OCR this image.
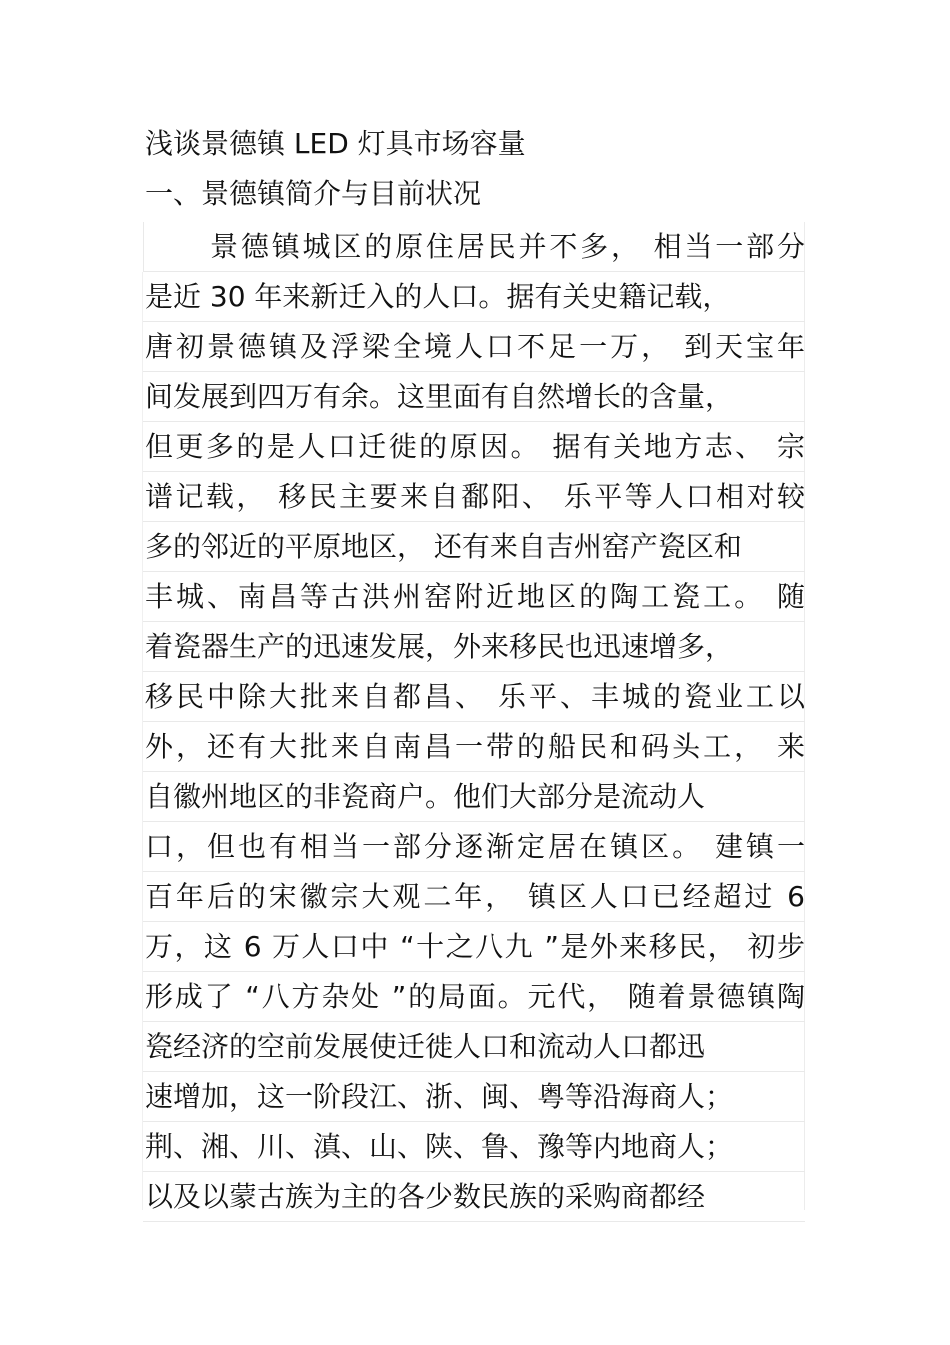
浅谈景德镇 LED 灯具市场容量
一、景德镇简介与目前状况
景德镇城区的原住居民并不多， 相当一部分
是近 30 年来新迁入的人口。据有关史籍记载，
唐初景德镇及浮梁全境人口不足一万， 到天宝年
间发展到四万有余。这里面有自然增长的含量，
但更多的是人口迁徙的原因。 据有关地方志、 宗
谱记载， 移民主要来自鄱阳、 乐平等人口相对较
多的邻近的平原地区， 还有来自吉州窑产瓷区和
丰城、南昌等古洪州窑附近地区的陶工瓷工。 随
着瓷器生产的迅速发展，外来移民也迅速增多，
移民中除大批来自都昌、 乐平、丰城的瓷业工以
外，还有大批来自南昌一带的船民和码头工， 来
自徽州地区的非瓷商户。他们大部分是流动人
口，但也有相当一部分逐渐定居在镇区。 建镇一
百年后的宋徽宗大观二年， 镇区人口已经超过 6
万，这 6 万人口中 “十之八九 ”是外来移民， 初步
形成了 “八方杂处 ”的局面。元代， 随着景德镇陶
瓷经济的空前发展使迁徙人口和流动人口都迅
速增加，这一阶段江、浙、闽、粤等沿海商人；
荆、湘、川、滇、山、陕、鲁、豫等内地商人；
以及以蒙古族为主的各少数民族的采购商都经
